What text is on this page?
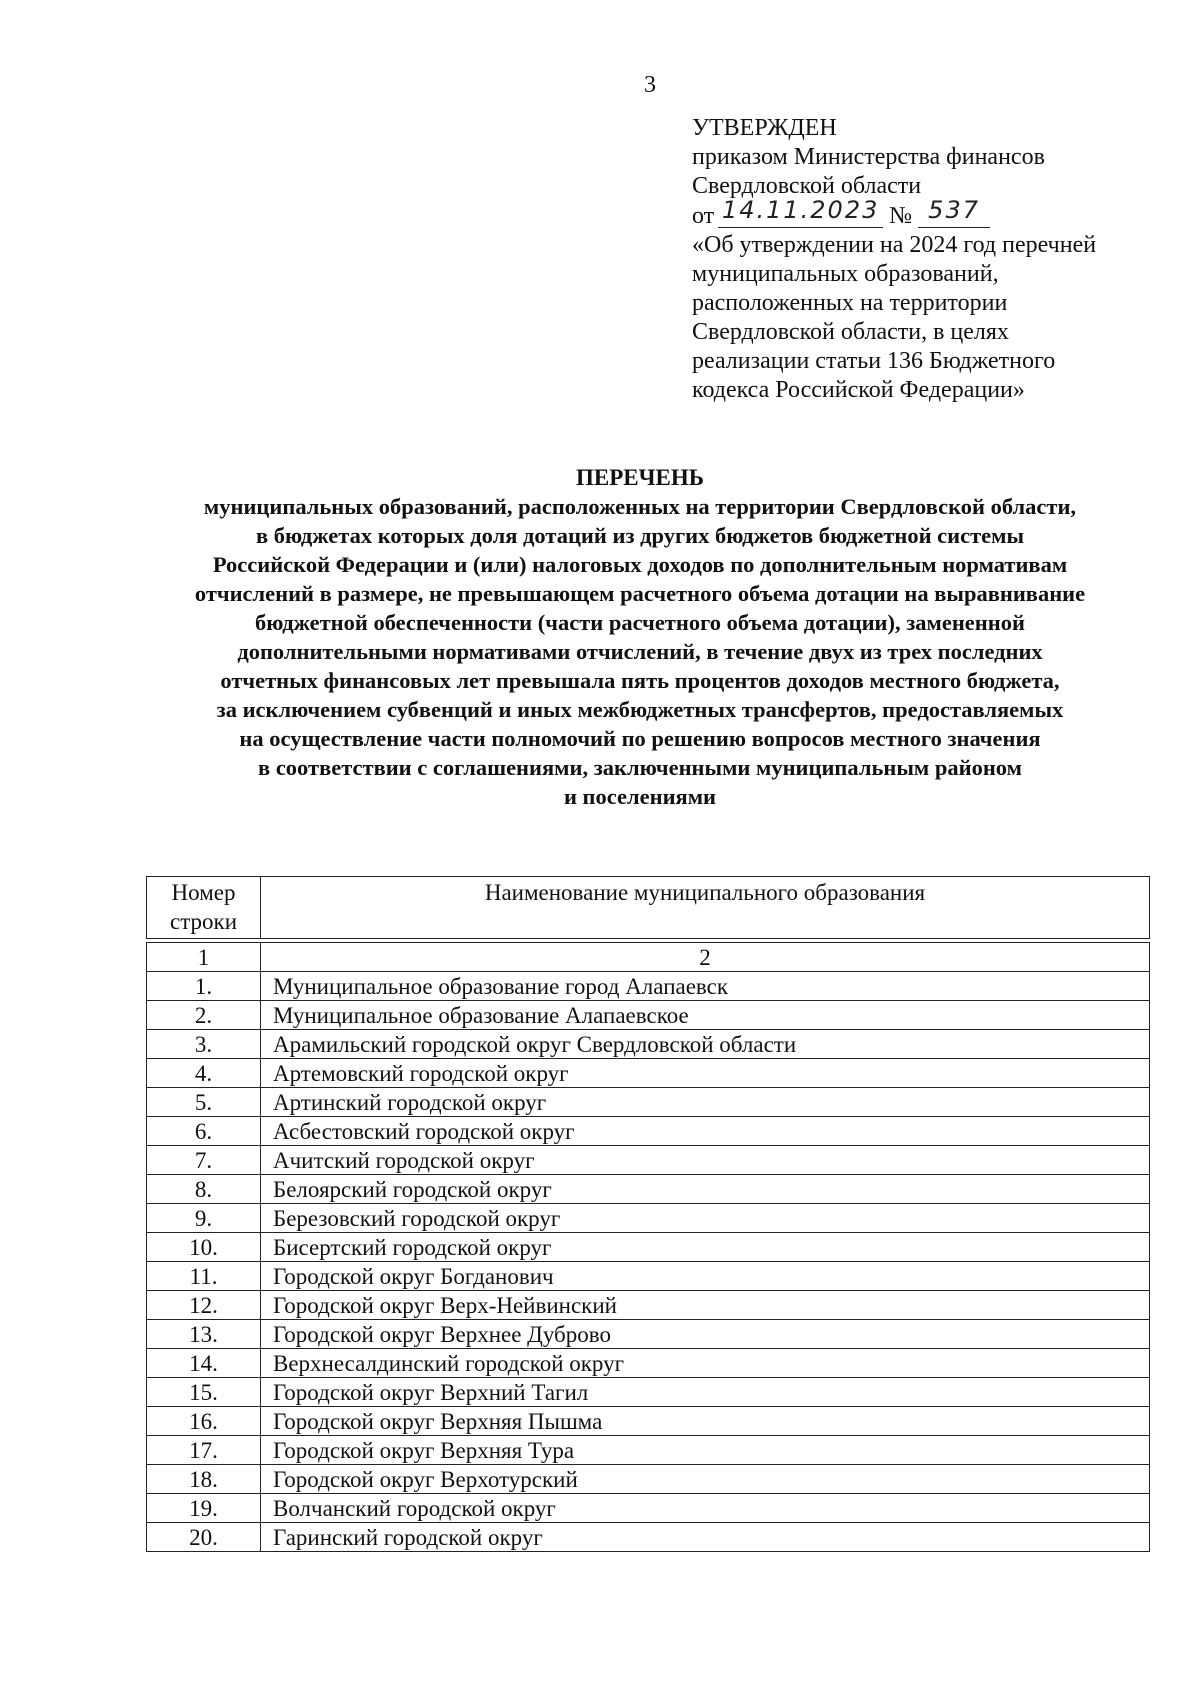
3
УТВЕРЖДЕН
приказом Министерства финансов
Свердловской области
от 14.11.2023 № 537
«Об утверждении на 2024 год перечней
муниципальных образований,
расположенных на территории
Свердловской области, в целях
реализации статьи 136 Бюджетного
кодекса Российской Федерации»
ПЕРЕЧЕНЬ
муниципальных образований, расположенных на территории Свердловской области,
в бюджетах которых доля дотаций из других бюджетов бюджетной системы
Российской Федерации и (или) налоговых доходов по дополнительным нормативам
отчислений в размере, не превышающем расчетного объема дотации на выравнивание
бюджетной обеспеченности (части расчетного объема дотации), замененной
дополнительными нормативами отчислений, в течение двух из трех последних
отчетных финансовых лет превышала пять процентов доходов местного бюджета,
за исключением субвенций и иных межбюджетных трансфертов, предоставляемых
на осуществление части полномочий по решению вопросов местного значения
в соответствии с соглашениями, заключенными муниципальным районом
и поселениями
Номер
строки	Наименование муниципального образования

1	2
1.	Муниципальное образование город Алапаевск
2.	Муниципальное образование Алапаевское
3.	Арамильский городской округ Свердловской области
4.	Артемовский городской округ
5.	Артинский городской округ
6.	Асбестовский городской округ
7.	Ачитский городской округ
8.	Белоярский городской округ
9.	Березовский городской округ
10.	Бисертский городской округ
11.	Городской округ Богданович
12.	Городской округ Верх-Нейвинский
13.	Городской округ Верхнее Дуброво
14.	Верхнесалдинский городской округ
15.	Городской округ Верхний Тагил
16.	Городской округ Верхняя Пышма
17.	Городской округ Верхняя Тура
18.	Городской округ Верхотурский
19.	Волчанский городской округ
20.	Гаринский городской округ
